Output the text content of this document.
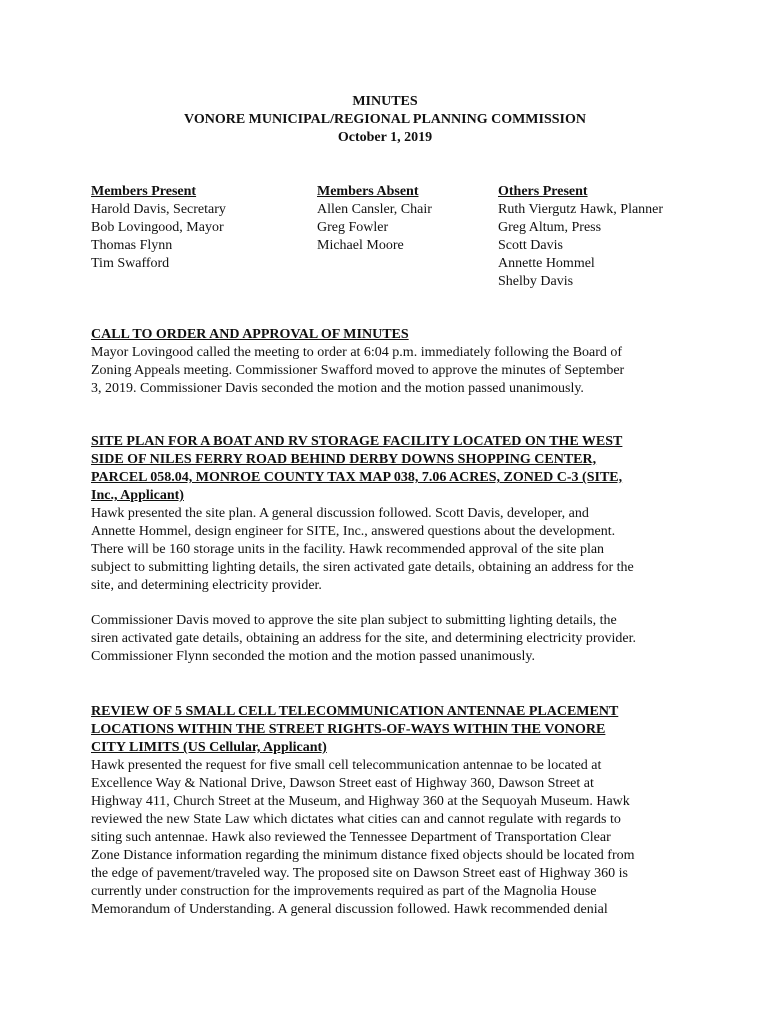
MINUTES
VONORE MUNICIPAL/REGIONAL PLANNING COMMISSION
October 1, 2019
Members Present
Harold Davis, Secretary
Bob Lovingood, Mayor
Thomas Flynn
Tim Swafford
Members Absent
Allen Cansler, Chair
Greg Fowler
Michael Moore
Others Present
Ruth Viergutz Hawk, Planner
Greg Altum, Press
Scott Davis
Annette Hommel
Shelby Davis
CALL TO ORDER AND APPROVAL OF MINUTES
Mayor Lovingood called the meeting to order at 6:04 p.m. immediately following the Board of
Zoning Appeals meeting. Commissioner Swafford moved to approve the minutes of September
3, 2019. Commissioner Davis seconded the motion and the motion passed unanimously.
SITE PLAN FOR A BOAT AND RV STORAGE FACILITY LOCATED ON THE WEST
SIDE OF NILES FERRY ROAD BEHIND DERBY DOWNS SHOPPING CENTER,
PARCEL 058.04, MONROE COUNTY TAX MAP 038, 7.06 ACRES, ZONED C-3 (SITE,
Inc., Applicant)
Hawk presented the site plan. A general discussion followed. Scott Davis, developer, and
Annette Hommel, design engineer for SITE, Inc., answered questions about the development.
There will be 160 storage units in the facility. Hawk recommended approval of the site plan
subject to submitting lighting details, the siren activated gate details, obtaining an address for the
site, and determining electricity provider.
Commissioner Davis moved to approve the site plan subject to submitting lighting details, the
siren activated gate details, obtaining an address for the site, and determining electricity provider.
Commissioner Flynn seconded the motion and the motion passed unanimously.
REVIEW OF 5 SMALL CELL TELECOMMUNICATION ANTENNAE PLACEMENT
LOCATIONS WITHIN THE STREET RIGHTS-OF-WAYS WITHIN THE VONORE
CITY LIMITS (US Cellular, Applicant)
Hawk presented the request for five small cell telecommunication antennae to be located at
Excellence Way & National Drive, Dawson Street east of Highway 360, Dawson Street at
Highway 411, Church Street at the Museum, and Highway 360 at the Sequoyah Museum. Hawk
reviewed the new State Law which dictates what cities can and cannot regulate with regards to
siting such antennae. Hawk also reviewed the Tennessee Department of Transportation Clear
Zone Distance information regarding the minimum distance fixed objects should be located from
the edge of pavement/traveled way. The proposed site on Dawson Street east of Highway 360 is
currently under construction for the improvements required as part of the Magnolia House
Memorandum of Understanding. A general discussion followed. Hawk recommended denial
